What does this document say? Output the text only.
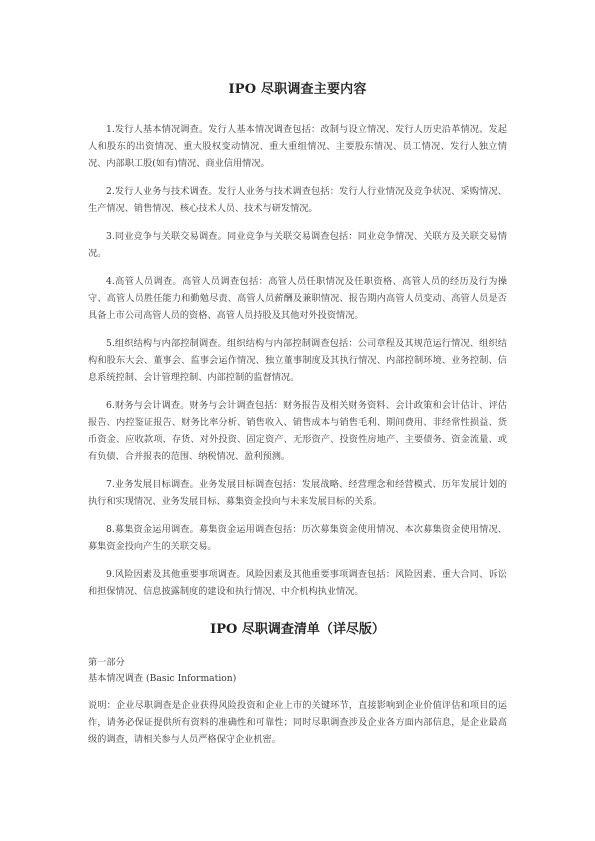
IPO 尽职调查主要内容

1.发行人基本情况调查。发行人基本情况调查包括：改制与设立情况、发行人历史沿革情况、发起人和股东的出资情况、重大股权变动情况、重大重组情况、主要股东情况、员工情况、发行人独立情况、内部职工股(如有)情况、商业信用情况。

2.发行人业务与技术调查。发行人业务与技术调查包括：发行人行业情况及竞争状况、采购情况、生产情况、销售情况、核心技术人员、技术与研发情况。

3.同业竞争与关联交易调查。同业竞争与关联交易调查包括：同业竞争情况、关联方及关联交易情况。

4.高管人员调查。高管人员调查包括：高管人员任职情况及任职资格、高管人员的经历及行为操守、高管人员胜任能力和勤勉尽责、高管人员薪酬及兼职情况、报告期内高管人员变动、高管人员是否具备上市公司高管人员的资格、高管人员持股及其他对外投资情况。

5.组织结构与内部控制调查。组织结构与内部控制调查包括：公司章程及其规范运行情况、组织结构和股东大会、董事会、监事会运作情况、独立董事制度及其执行情况、内部控制环境、业务控制、信息系统控制、会计管理控制、内部控制的监督情况。

6.财务与会计调查。财务与会计调查包括：财务报告及相关财务资料、会计政策和会计估计、评估报告、内控鉴证报告、财务比率分析、销售收入、销售成本与销售毛利、期间费用、非经常性损益、货币资金、应收款项、存货、对外投资、固定资产、无形资产、投资性房地产、主要债务、资金流量、或有负债、合并报表的范围、纳税情况、盈利预测。

7.业务发展目标调查。业务发展目标调查包括：发展战略、经营理念和经营模式、历年发展计划的执行和实现情况、业务发展目标、募集资金投向与未来发展目标的关系。

8.募集资金运用调查。募集资金运用调查包括：历次募集资金使用情况、本次募集资金使用情况、募集资金投向产生的关联交易。

9.风险因素及其他重要事项调查。风险因素及其他重要事项调查包括：风险因素、重大合同、诉讼和担保情况、信息披露制度的建设和执行情况、中介机构执业情况。

IPO 尽职调查清单（详尽版）

第一部分

基本情况调查 (Basic Information)

说明：企业尽职调查是企业获得风险投资和企业上市的关键环节，直接影响到企业价值评估和项目的运作，请务必保证提供所有资料的准确性和可靠性；同时尽职调查涉及企业各方面内部信息，是企业最高级的调查，请相关参与人员严格保守企业机密。
